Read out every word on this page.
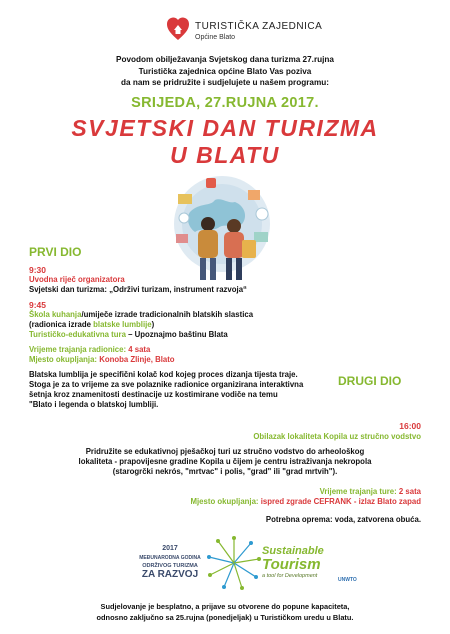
TURISTIČKA ZAJEDNICA
Općine Blato
Povodom obilježavanja Svjetskog dana turizma 27.rujna
Turistička zajednica općine Blato Vas poziva
da nam se pridružite i sudjelujete u našem programu:
SRIJEDA, 27.RUJNA 2017.
SVJETSKI DAN TURIZMA
U BLATU
PRVI DIO
9:30
Uvodna riječ organizatora
Svjetski dan turizma: „Održivi turizam, instrument razvoja“
9:45
Škola kuhanja/umiječe izrade tradicionalnih blatskih slastica
(radionica izrade blatske lumblije)
Turističko-edukativna tura – Upoznajmo baštinu Blata
Vrijeme trajanja radionice: 4 sata
Mjesto okupljanja: Konoba Zlinje, Blato
Blatska lumblija je specifični kolač kod kojeg proces dizanja tijesta traje.
Stoga je za to vrijeme za sve polaznike radionice organizirana interaktivna
šetnja kroz znamenitosti destinacije uz kostimirane vodiče na temu
"Blato i legenda o blatskoj lumbliji.
DRUGI DIO
16:00
Obilazak lokaliteta Kopila uz stručno vodstvo
Pridružite se edukativnoj pješačkoj turi uz stručno vodstvo do arheološkog
lokaliteta - prapovijesne gradine Kopila u čijem je centru istraživanja nekropola
(starogrčki nekrós, "mrtvac" i polis, "grad" ili "grad mrtvih").
Vrijeme trajanja ture: 2 sata
Mjesto okupljanja: ispred zgrade CEFRANK - izlaz Blato zapad
Potrebna oprema: voda, zatvorena obuća.
2017
MEĐUNARODNA GODINA
ODRŽIVOG TURIZMA
ZA RAZVOJ
Sustainable
Tourism
a tool for Development
UNWTO
Sudjelovanje je besplatno, a prijave su otvorene do popune kapaciteta,
odnosno zaključno sa 25.rujna (ponedjeljak) u Turističkom uredu u Blatu.
